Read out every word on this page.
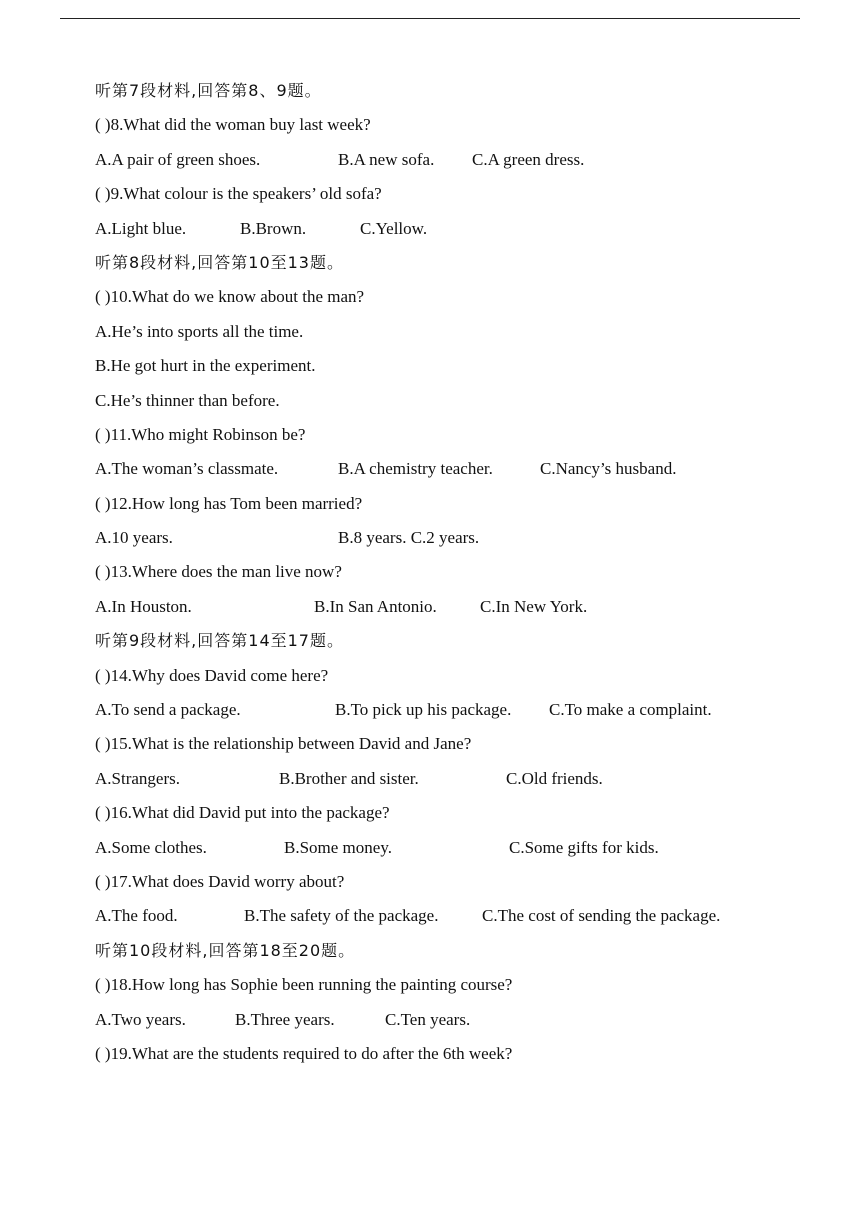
听第7段材料,回答第8、9题。
( )8.What did the woman buy last week?
A.A pair of green shoes.	B.A new sofa. C.A green dress.
( )9.What colour is the speakers’ old sofa?
A.Light blue.	B.Brown.	C.Yellow.
听第8段材料,回答第10至13题。
( )10.What do we know about the man?
A.He’s into sports all the time.
B.He got hurt in the experiment.
C.He’s thinner than before.
( )11.Who might Robinson be?
A.The woman’s classmate.	B.A chemistry teacher.	C.Nancy’s husband.
( )12.How long has Tom been married?
A.10 years.	B.8 years. C.2 years.
( )13.Where does the man live now?
A.In Houston.	B.In San Antonio.	C.In New York.
听第9段材料,回答第14至17题。
( )14.Why does David come here?
A.To send a package.	B.To pick up his package. C.To make a complaint.
( )15.What is the relationship between David and Jane?
A.Strangers.	B.Brother and sister.	C.Old friends.
( )16.What did David put into the package?
A.Some clothes.	B.Some money.	C.Some gifts for kids.
( )17.What does David worry about?
A.The food.	B.The safety of the package.	C.The cost of sending the package.
听第10段材料,回答第18至20题。
( )18.How long has Sophie been running the painting course?
A.Two years.	B.Three years.	C.Ten years.
( )19.What are the students required to do after the 6th week?
